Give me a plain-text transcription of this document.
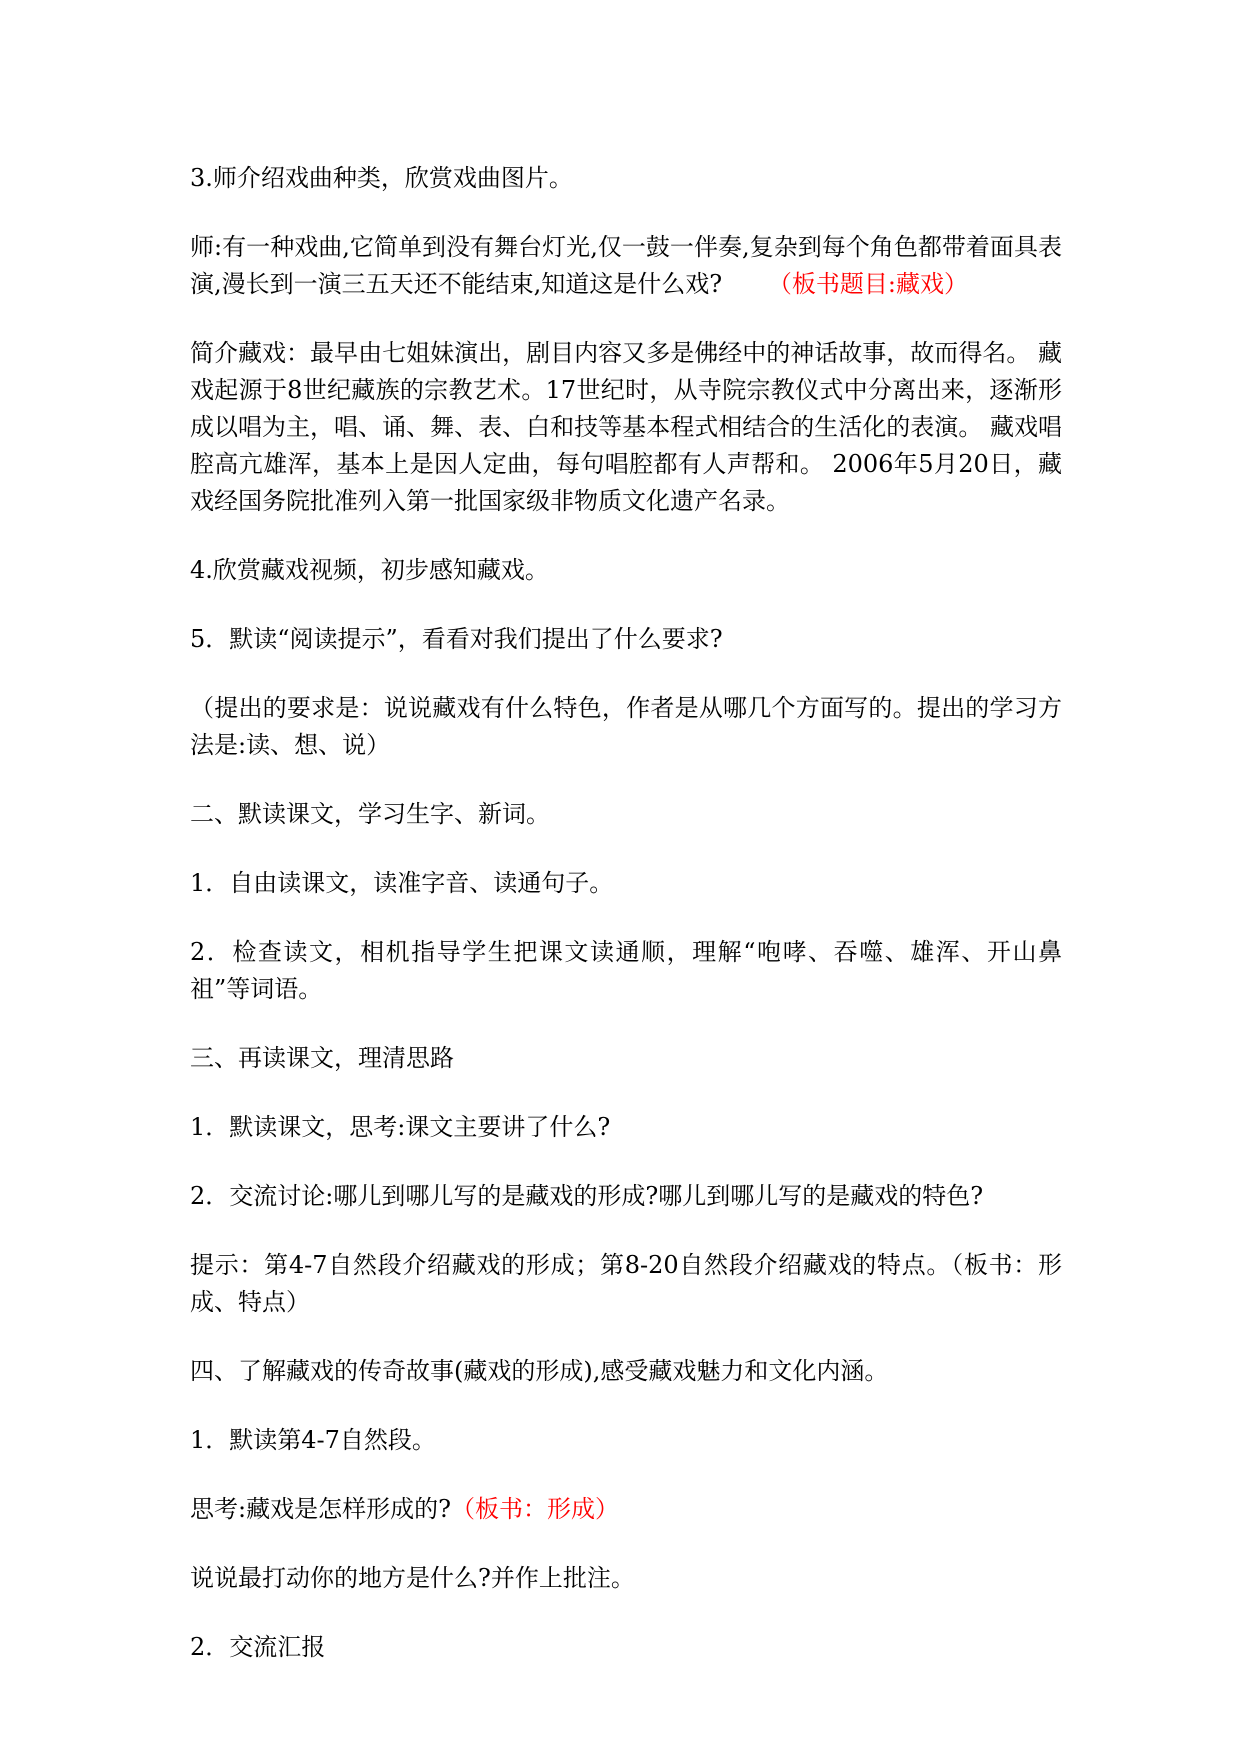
3.师介绍戏曲种类，欣赏戏曲图片。

师:有一种戏曲,它简单到没有舞台灯光,仅一鼓一伴奏,复杂到每个角色都带着面具表演,漫长到一演三五天还不能结束,知道这是什么戏? （板书题目:藏戏）

简介藏戏：最早由七姐妹演出，剧目内容又多是佛经中的神话故事，故而得名。 藏戏起源于8世纪藏族的宗教艺术。17世纪时，从寺院宗教仪式中分离出来，逐渐形成以唱为主，唱、诵、舞、表、白和技等基本程式相结合的生活化的表演。 藏戏唱腔高亢雄浑，基本上是因人定曲，每句唱腔都有人声帮和。 2006年5月20日，藏戏经国务院批准列入第一批国家级非物质文化遗产名录。

4.欣赏藏戏视频，初步感知藏戏。

5．默读“阅读提示”，看看对我们提出了什么要求?

（提出的要求是：说说藏戏有什么特色，作者是从哪几个方面写的。提出的学习方法是:读、想、说）

二、默读课文，学习生字、新词。

1．自由读课文，读准字音、读通句子。

2．检查读文，相机指导学生把课文读通顺，理解“咆哮、吞噬、雄浑、开山鼻祖”等词语。

三、再读课文，理清思路

1．默读课文，思考:课文主要讲了什么?

2．交流讨论:哪儿到哪儿写的是藏戏的形成?哪儿到哪儿写的是藏戏的特色?

提示：第4-7自然段介绍藏戏的形成；第8-20自然段介绍藏戏的特点。（板书：形成、特点）

四、了解藏戏的传奇故事(藏戏的形成),感受藏戏魅力和文化内涵。

1．默读第4-7自然段。

思考:藏戏是怎样形成的?（板书：形成）

说说最打动你的地方是什么?并作上批注。

2．交流汇报
